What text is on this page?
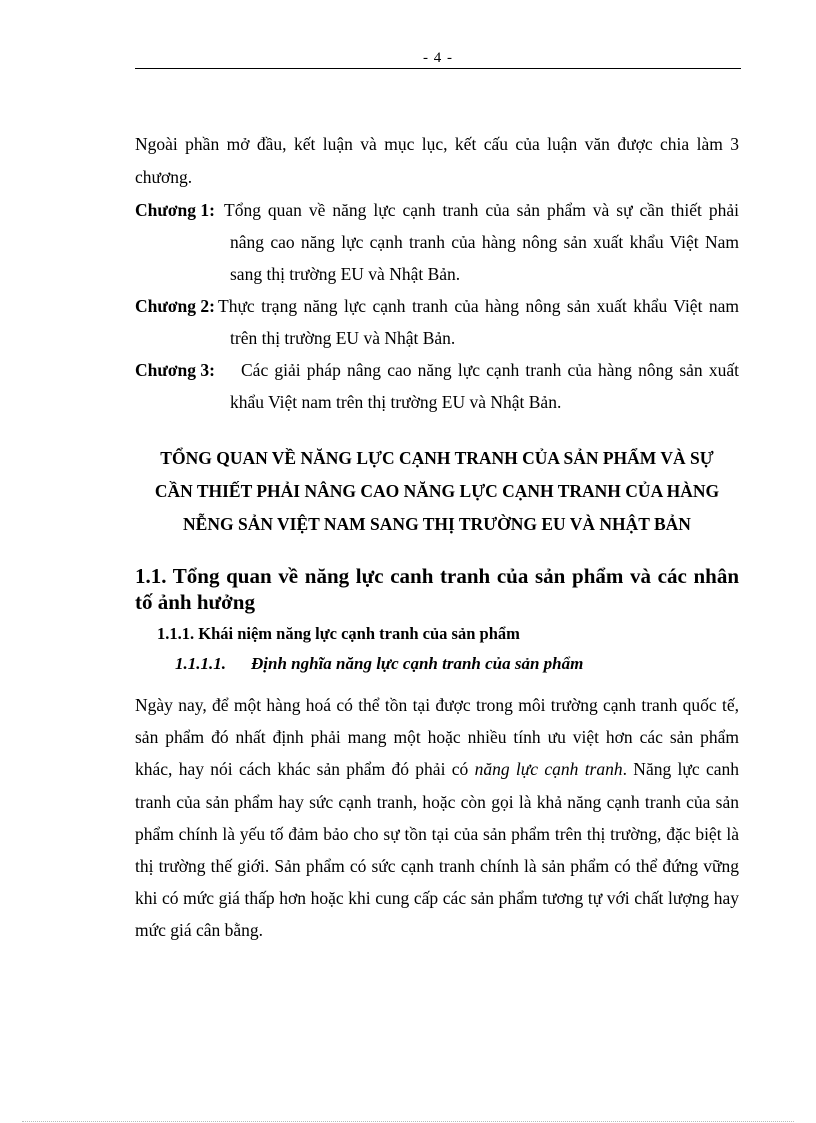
- 4 -

Ngoài phần mở đầu, kết luận và mục lục, kết cấu của luận văn được chia làm 3 chương.

Chương 1: Tổng quan về năng lực cạnh tranh của sản phẩm và sự cần thiết phải nâng cao năng lực cạnh tranh của hàng nông sản xuất khẩu Việt Nam sang thị trường EU và Nhật Bản.
Chương 2: Thực trạng năng lực cạnh tranh của hàng nông sản xuất khẩu Việt nam trên thị trường EU và Nhật Bản.
Chương 3:	Các giải pháp nâng cao năng lực cạnh tranh của hàng nông sản xuất khẩu Việt nam trên thị trường EU và Nhật Bản.
TỔNG QUAN VỀ NĂNG LỰC CẠNH TRANH CỦA SẢN PHẨM VÀ SỰ CẦN THIẾT PHẢI NÂNG CAO NĂNG LỰC CẠNH TRANH CỦA HÀNG NỄNG SẢN VIỆT NAM SANG THỊ TRƯỜNG EU VÀ NHẬT BẢN
1.1. Tổng quan về năng lực canh tranh của sản phẩm và các nhân tố ảnh hưởng
1.1.1. Khái niệm năng lực cạnh tranh của sản phẩm
1.1.1.1. Định nghĩa năng lực cạnh tranh của sản phẩm

Ngày nay, để một hàng hoá có thể tồn tại được trong môi trường cạnh tranh quốc tế, sản phẩm đó nhất định phải mang một hoặc nhiều tính ưu việt hơn các sản phẩm khác, hay nói cách khác sản phẩm đó phải có năng lực cạnh tranh. Năng lực canh tranh của sản phẩm hay sức cạnh tranh, hoặc còn gọi là khả năng cạnh tranh của sản phẩm chính là yếu tố đảm bảo cho sự tồn tại của sản phẩm trên thị trường, đặc biệt là thị trường thế giới. Sản phẩm có sức cạnh tranh chính là sản phẩm có thể đứng vững khi có mức giá thấp hơn hoặc khi cung cấp các sản phẩm tương tự với chất lượng hay mức giá cân bằng.
